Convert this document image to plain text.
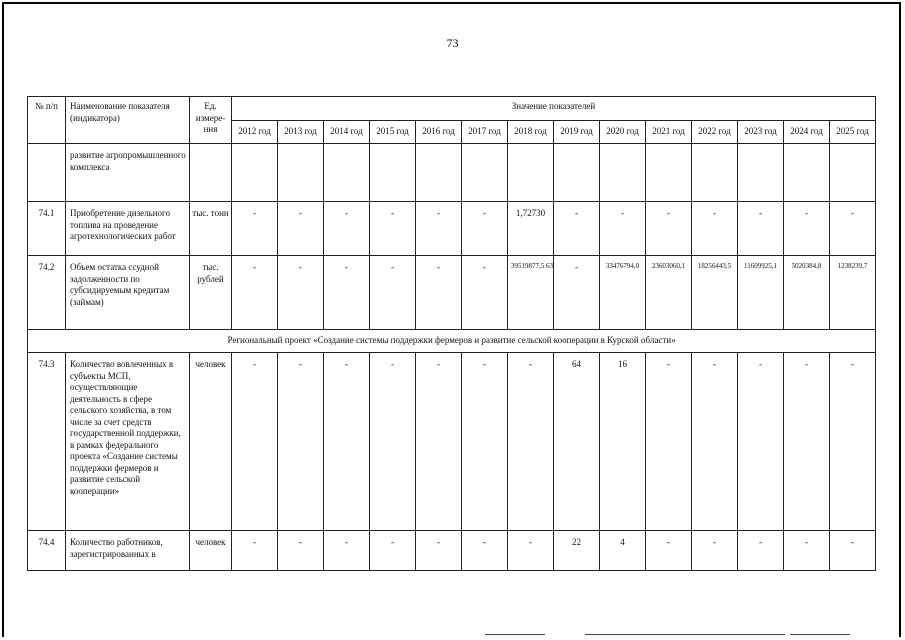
73
№ п/п	Наименование показателя (индикатора)	Ед. измере-ния	Значение показателей													
			2012 год	2013 год	2014 год	2015 год	2016 год	2017 год	2018 год	2019 год	2020 год	2021 год	2022 год	2023 год	2024 год	2025 год
	развитие агропромышленного комплекса															
74.1	Приобретение дизельного топлива на проведение агротехнологических работ	тыс. тонн	-	-	-	-	-	-	1,72730	-	-	-	-	-	-	-
74.2	Объем остатка ссудной задолженности по субсидируемым кредитам (займам)	тыс. рублей	-	-	-	-	-	-	39519877,5 63	-	33476794,0	23603060,1	18256443,5	11609925,1	5020384,8	1238239,7
Региональный проект «Создание системы поддержки фермеров и развитие сельской кооперации в Курской области»																
74.3	Количество вовлеченных в субъекты МСП, осуществляющие деятельность в сфере сельского хозяйства, в том числе за счет средств государственной поддержки, в рамках федерального проекта «Создание системы поддержки фермеров и развитие сельской кооперации»	человек	-	-	-	-	-	-	-	64	16	-	-	-	-	-
74.4	Количество работников, зарегистрированных в	человек	-	-	-	-	-	-	-	22	4	-	-	-	-	-
